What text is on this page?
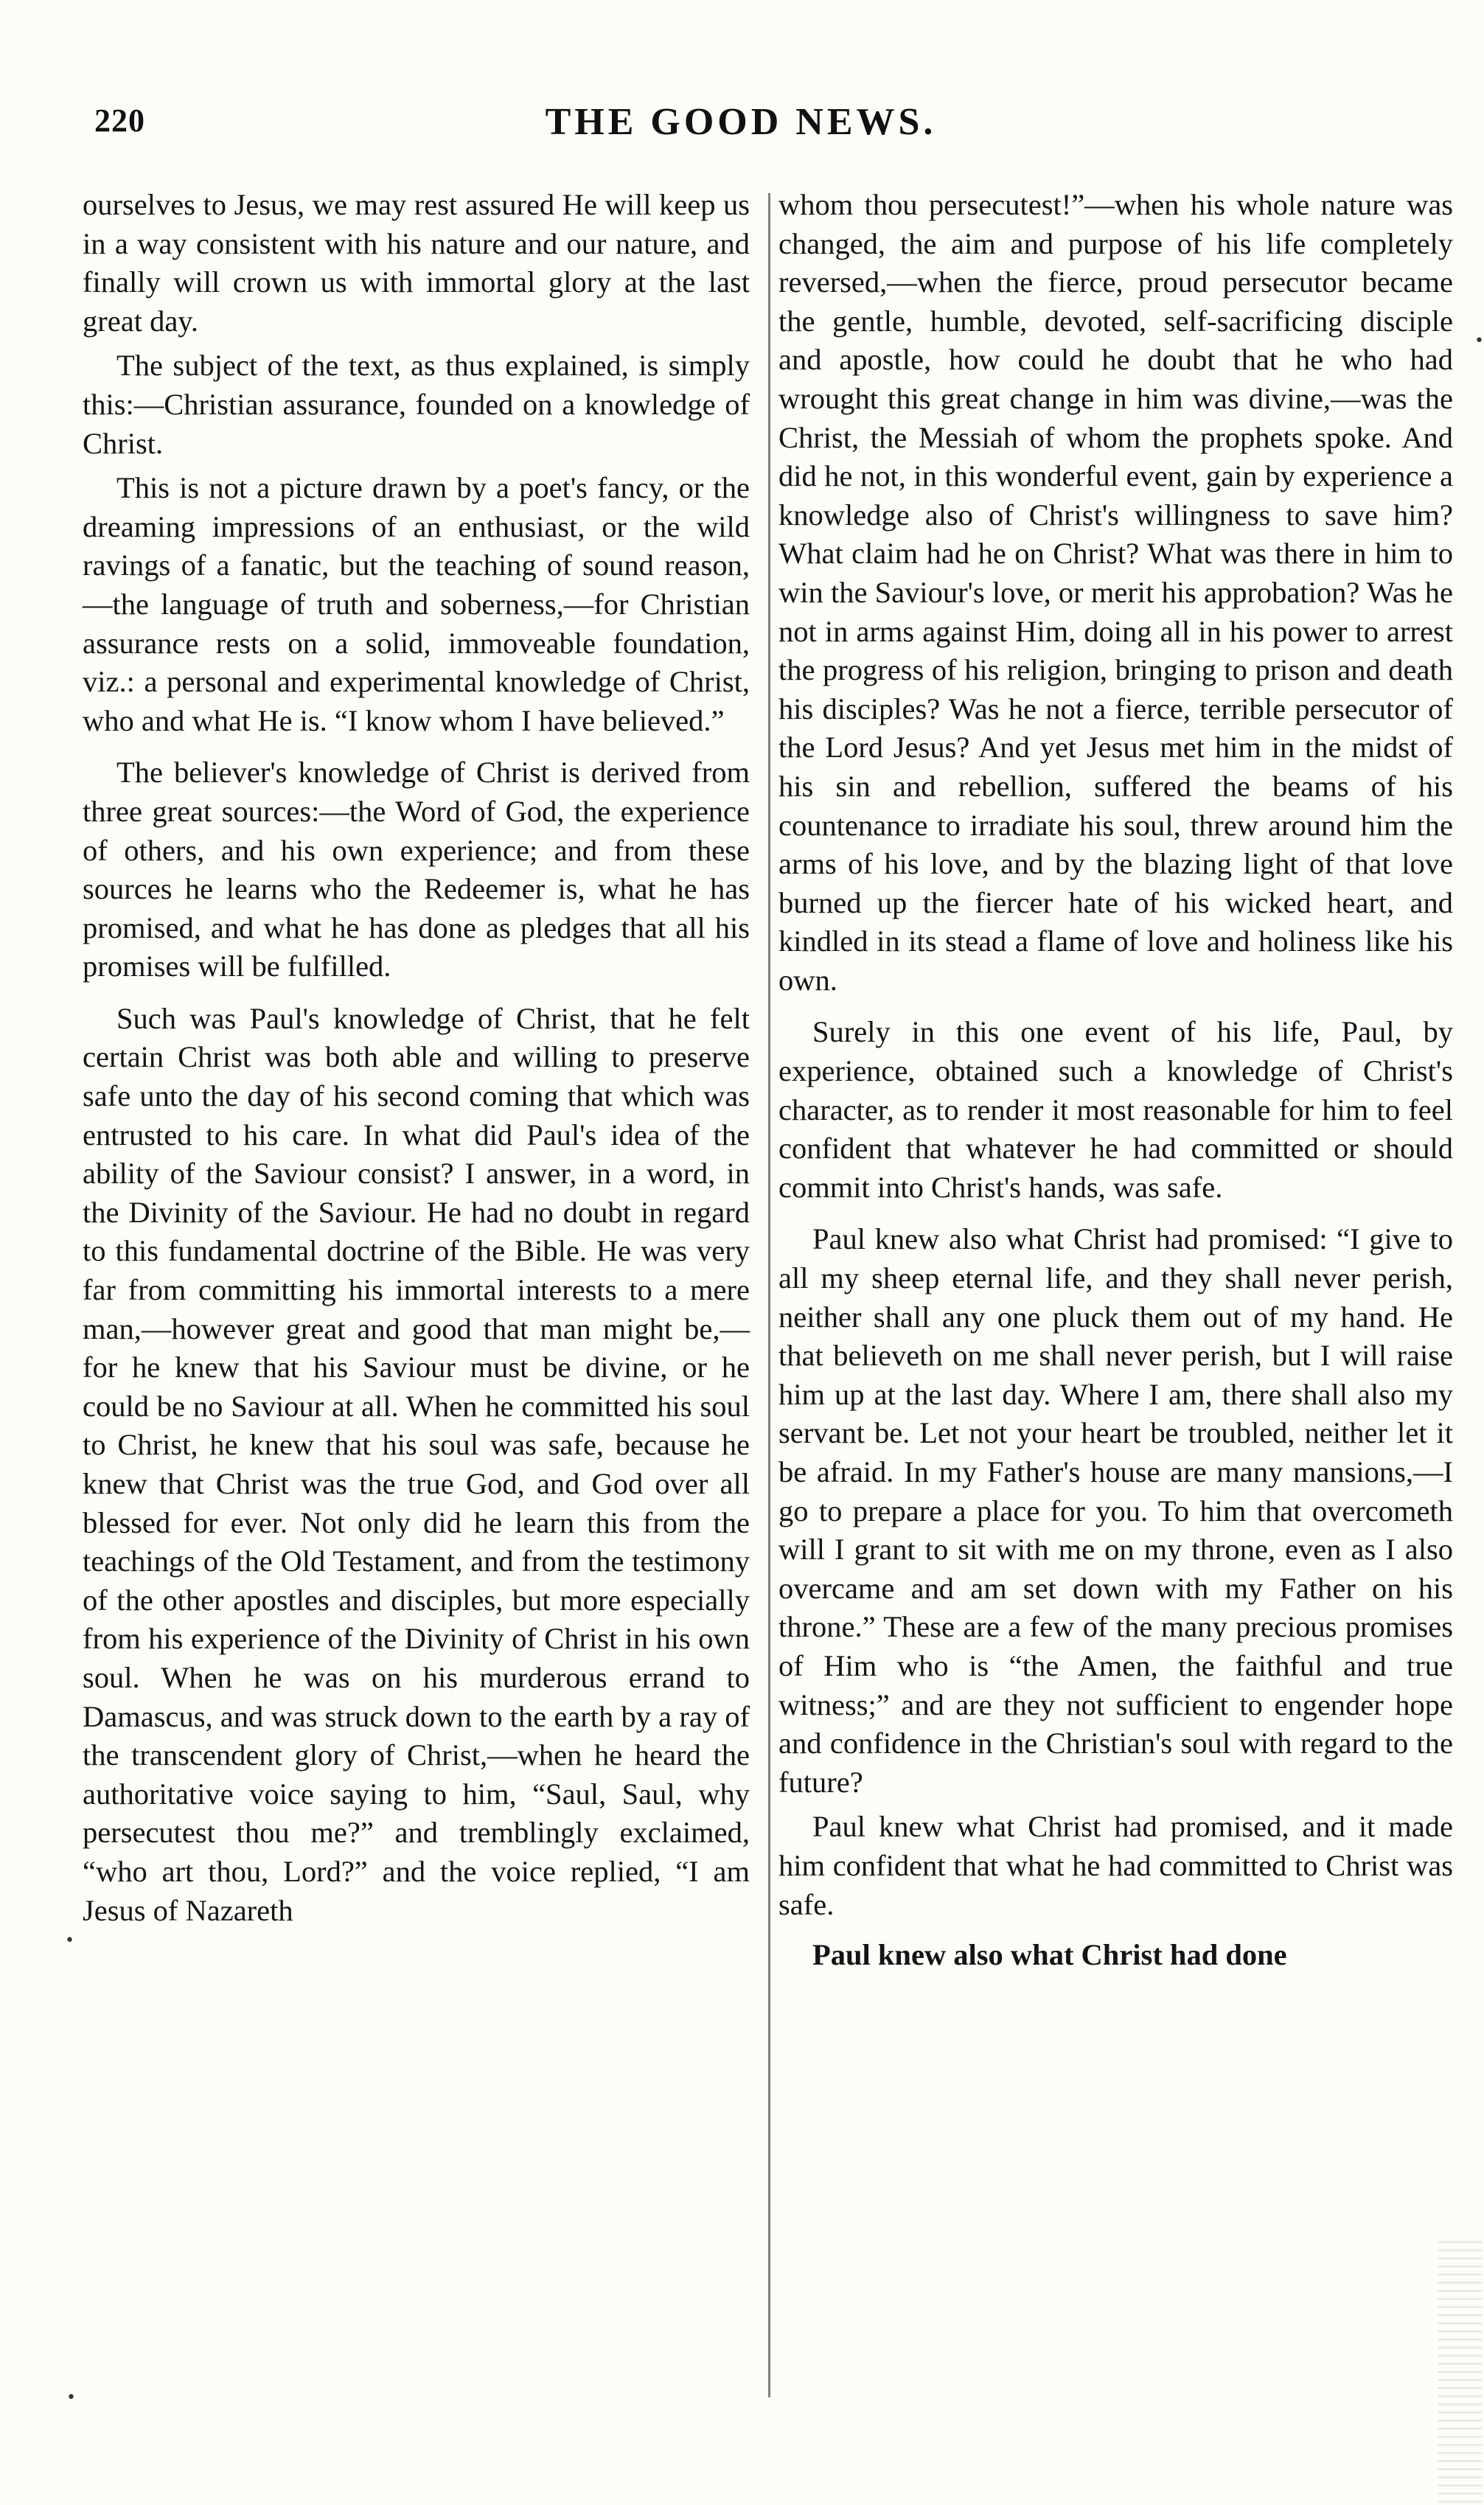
220	THE GOOD NEWS.

ourselves to Jesus, we may rest assured He will keep us in a way consistent with his nature and our nature, and finally will crown us with immortal glory at the last great day.

The subject of the text, as thus explained, is simply this:—Christian assurance, founded on a knowledge of Christ.

This is not a picture drawn by a poet's fancy, or the dreaming impressions of an enthusiast, or the wild ravings of a fanatic, but the teaching of sound reason,—the language of truth and soberness,—for Christian assurance rests on a solid, immoveable foundation, viz.: a personal and experimental knowledge of Christ, who and what He is. “I know whom I have believed.”

The believer's knowledge of Christ is derived from three great sources:—the Word of God, the experience of others, and his own experience; and from these sources he learns who the Redeemer is, what he has promised, and what he has done as pledges that all his promises will be fulfilled.

Such was Paul's knowledge of Christ, that he felt certain Christ was both able and willing to preserve safe unto the day of his second coming that which was entrusted to his care. In what did Paul's idea of the ability of the Saviour consist? I answer, in a word, in the Divinity of the Saviour. He had no doubt in regard to this fundamental doctrine of the Bible. He was very far from committing his immortal interests to a mere man,—however great and good that man might be,—for he knew that his Saviour must be divine, or he could be no Saviour at all. When he committed his soul to Christ, he knew that his soul was safe, because he knew that Christ was the true God, and God over all blessed for ever. Not only did he learn this from the teachings of the Old Testament, and from the testimony of the other apostles and disciples, but more especially from his experience of the Divinity of Christ in his own soul. When he was on his murderous errand to Damascus, and was struck down to the earth by a ray of the transcendent glory of Christ,—when he heard the authoritative voice saying to him, “Saul, Saul, why persecutest thou me?” and tremblingly exclaimed, “who art thou, Lord?” and the voice replied, “I am Jesus of Nazareth

whom thou persecutest!”—when his whole nature was changed, the aim and purpose of his life completely reversed,—when the fierce, proud persecutor became the gentle, humble, devoted, self-sacrificing disciple and apostle, how could he doubt that he who had wrought this great change in him was divine,—was the Christ, the Messiah of whom the prophets spoke. And did he not, in this wonderful event, gain by experience a knowledge also of Christ's willingness to save him? What claim had he on Christ? What was there in him to win the Saviour's love, or merit his approbation? Was he not in arms against Him, doing all in his power to arrest the progress of his religion, bringing to prison and death his disciples? Was he not a fierce, terrible persecutor of the Lord Jesus? And yet Jesus met him in the midst of his sin and rebellion, suffered the beams of his countenance to irradiate his soul, threw around him the arms of his love, and by the blazing light of that love burned up the fiercer hate of his wicked heart, and kindled in its stead a flame of love and holiness like his own.

Surely in this one event of his life, Paul, by experience, obtained such a knowledge of Christ's character, as to render it most reasonable for him to feel confident that whatever he had committed or should commit into Christ's hands, was safe.

Paul knew also what Christ had promised: “I give to all my sheep eternal life, and they shall never perish, neither shall any one pluck them out of my hand. He that believeth on me shall never perish, but I will raise him up at the last day. Where I am, there shall also my servant be. Let not your heart be troubled, neither let it be afraid. In my Father's house are many mansions,—I go to prepare a place for you. To him that overcometh will I grant to sit with me on my throne, even as I also overcame and am set down with my Father on his throne.” These are a few of the many precious promises of Him who is “the Amen, the faithful and true witness;” and are they not sufficient to engender hope and confidence in the Christian's soul with regard to the future?

Paul knew what Christ had promised, and it made him confident that what he had committed to Christ was safe.

Paul knew also what Christ had done

•
•
•
